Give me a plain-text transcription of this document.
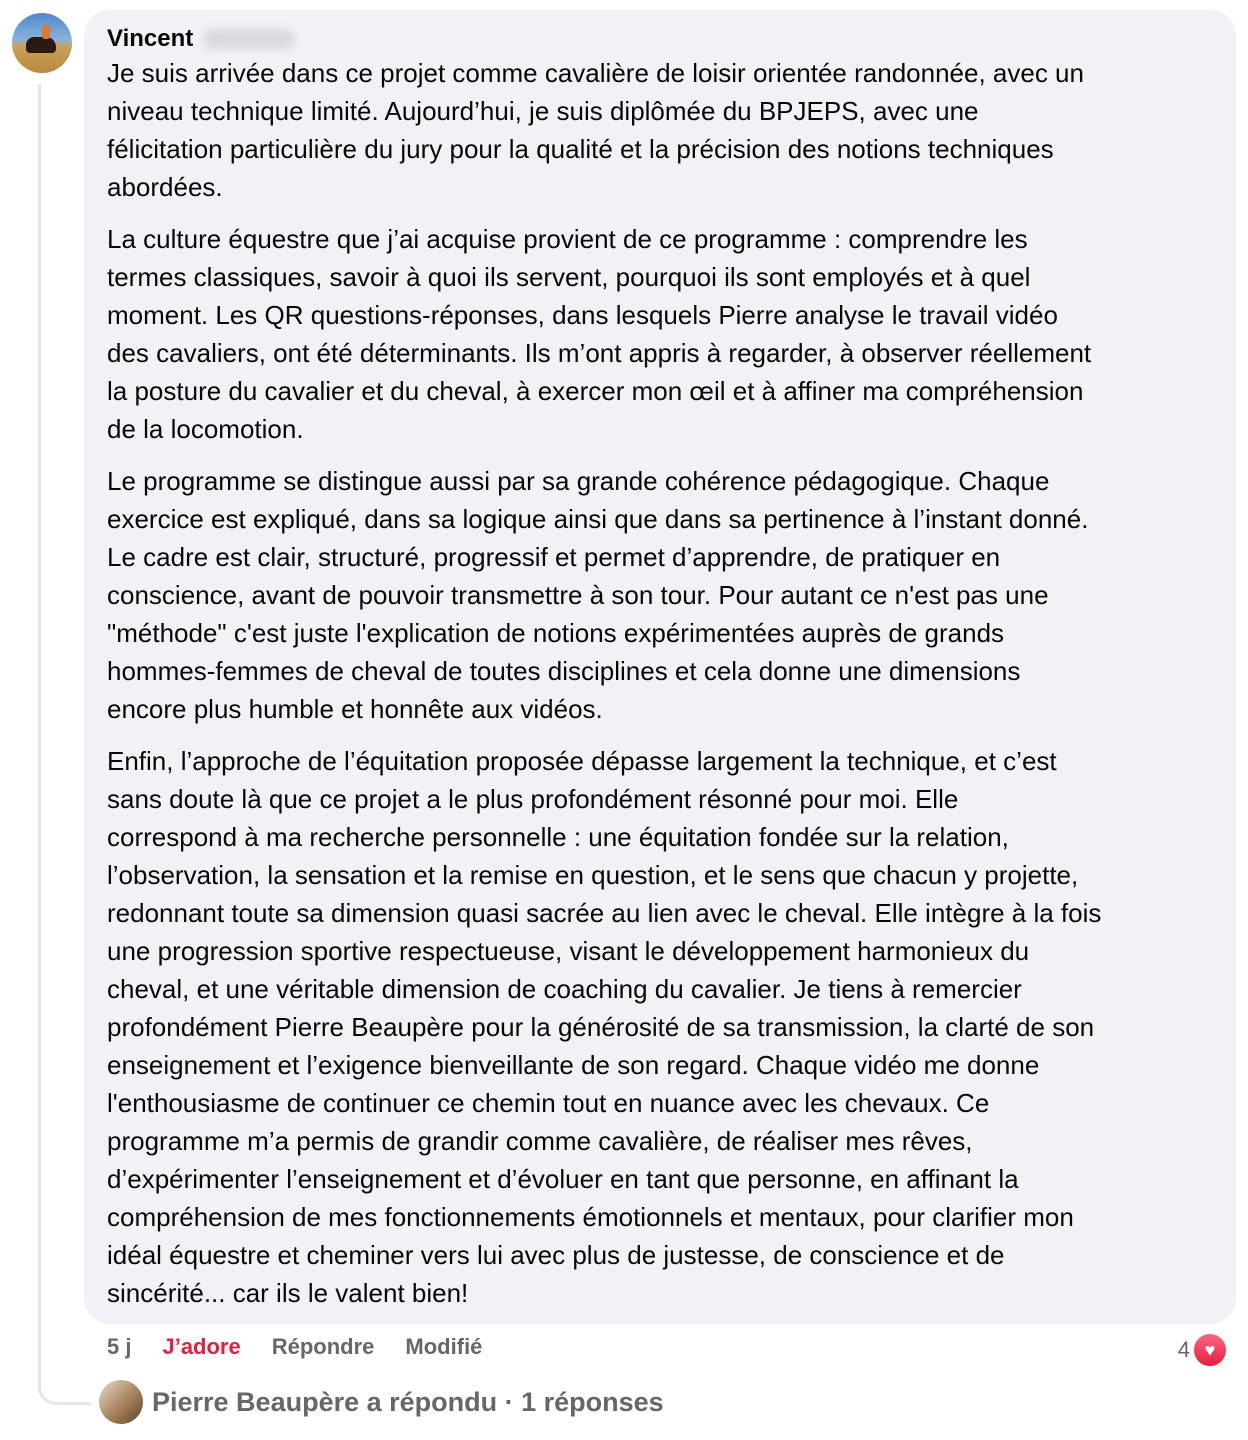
Vincent
Je suis arrivée dans ce projet comme cavalière de loisir orientée randonnée, avec un
niveau technique limité. Aujourd’hui, je suis diplômée du BPJEPS, avec une
félicitation particulière du jury pour la qualité et la précision des notions techniques
abordées.
La culture équestre que j’ai acquise provient de ce programme : comprendre les
termes classiques, savoir à quoi ils servent, pourquoi ils sont employés et à quel
moment. Les QR questions-réponses, dans lesquels Pierre analyse le travail vidéo
des cavaliers, ont été déterminants. Ils m’ont appris à regarder, à observer réellement
la posture du cavalier et du cheval, à exercer mon œil et à affiner ma compréhension
de la locomotion.
Le programme se distingue aussi par sa grande cohérence pédagogique. Chaque
exercice est expliqué, dans sa logique ainsi que dans sa pertinence à l’instant donné.
Le cadre est clair, structuré, progressif et permet d’apprendre, de pratiquer en
conscience, avant de pouvoir transmettre à son tour. Pour autant ce n'est pas une
"méthode" c'est juste l'explication de notions expérimentées auprès de grands
hommes-femmes de cheval de toutes disciplines et cela donne une dimensions
encore plus humble et honnête aux vidéos.
Enfin, l’approche de l’équitation proposée dépasse largement la technique, et c’est
sans doute là que ce projet a le plus profondément résonné pour moi. Elle
correspond à ma recherche personnelle : une équitation fondée sur la relation,
l’observation, la sensation et la remise en question, et le sens que chacun y projette,
redonnant toute sa dimension quasi sacrée au lien avec le cheval. Elle intègre à la fois
une progression sportive respectueuse, visant le développement harmonieux du
cheval, et une véritable dimension de coaching du cavalier. Je tiens à remercier
profondément Pierre Beaupère pour la générosité de sa transmission, la clarté de son
enseignement et l’exigence bienveillante de son regard. Chaque vidéo me donne
l'enthousiasme de continuer ce chemin tout en nuance avec les chevaux. Ce
programme m’a permis de grandir comme cavalière, de réaliser mes rêves,
d’expérimenter l’enseignement et d’évoluer en tant que personne, en affinant la
compréhension de mes fonctionnements émotionnels et mentaux, pour clarifier mon
idéal équestre et cheminer vers lui avec plus de justesse, de conscience et de
sincérité... car ils le valent bien!
5 j J’adore Répondre Modifié	4 ♥
Pierre Beaupère a répondu · 1 réponses
